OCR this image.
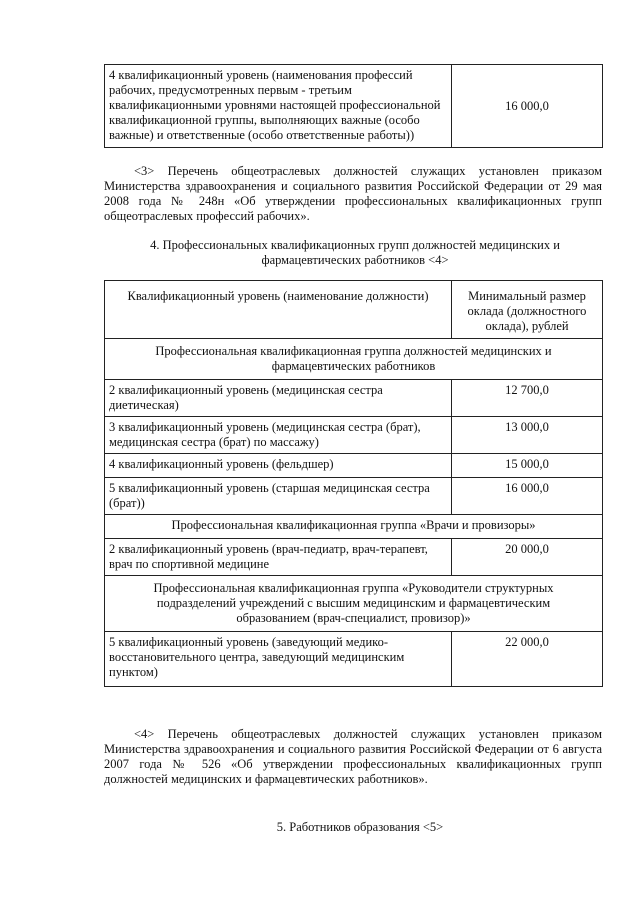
4 квалификационный уровень (наименования профессий рабочих, предусмотренных первым - третьим квалификационными уровнями настоящей профессиональной квалификационной группы, выполняющих важные (особо важные) и ответственные (особо ответственные работы))	16 000,0
<3> Перечень общеотраслевых должностей служащих установлен приказом Министерства здравоохранения и социального развития Российской Федерации от 29 мая 2008 года № 248н «Об утверждении профессиональных квалификационных групп общеотраслевых профессий рабочих».
4. Профессиональных квалификационных групп должностей медицинских и фармацевтических работников <4>
Квалификационный уровень (наименование должности)	Минимальный размер оклада (должностного оклада), рублей
Профессиональная квалификационная группа должностей медицинских и фармацевтических работников	
2 квалификационный уровень (медицинская сестра диетическая)	12 700,0
3 квалификационный уровень (медицинская сестра (брат), медицинская сестра (брат) по массажу)	13 000,0
4 квалификационный уровень (фельдшер)	15 000,0
5 квалификационный уровень (старшая медицинская сестра (брат))	16 000,0
Профессиональная квалификационная группа «Врачи и провизоры»	
2 квалификационный уровень (врач-педиатр, врач-терапевт, врач по спортивной медицине	20 000,0
Профессиональная квалификационная группа «Руководители структурных подразделений учреждений с высшим медицинским и фармацевтическим образованием (врач-специалист, провизор)»	
5 квалификационный уровень (заведующий медико-восстановительного центра, заведующий медицинским пунктом)	22 000,0
<4> Перечень общеотраслевых должностей служащих установлен приказом Министерства здравоохранения и социального развития Российской Федерации от 6 августа 2007 года № 526 «Об утверждении профессиональных квалификационных групп должностей медицинских и фармацевтических работников».
5. Работников образования <5>
